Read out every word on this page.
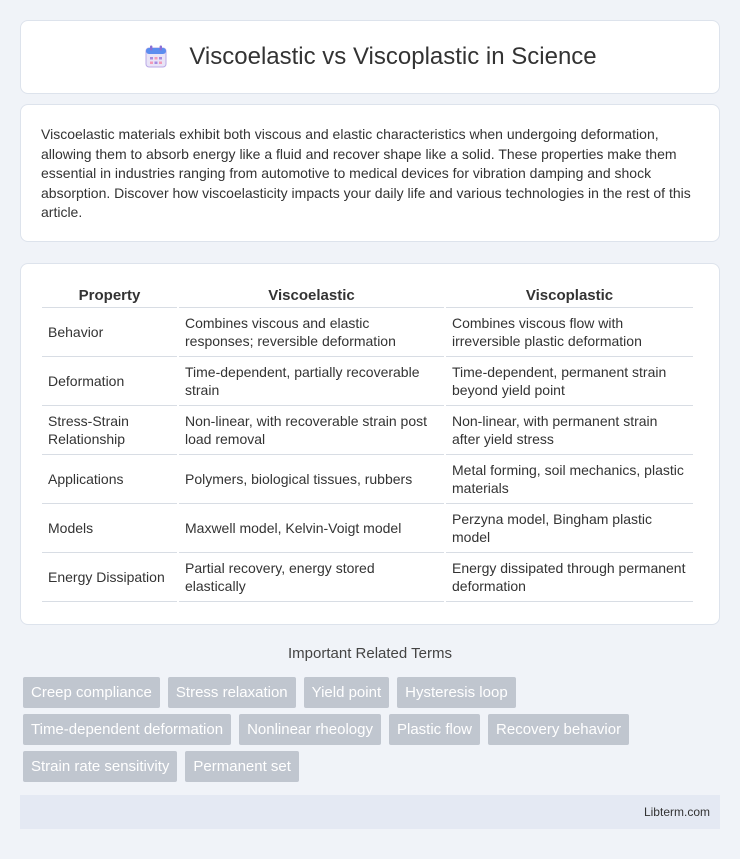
Viscoelastic vs Viscoplastic in Science

Viscoelastic materials exhibit both viscous and elastic characteristics when undergoing deformation, allowing them to absorb energy like a fluid and recover shape like a solid. These properties make them essential in industries ranging from automotive to medical devices for vibration damping and shock absorption. Discover how viscoelasticity impacts your daily life and various technologies in the rest of this article.

Property	Viscoelastic	Viscoplastic
Behavior	Combines viscous and elastic responses; reversible deformation	Combines viscous flow with irreversible plastic deformation
Deformation	Time-dependent, partially recoverable strain	Time-dependent, permanent strain beyond yield point
Stress-Strain Relationship	Non-linear, with recoverable strain post load removal	Non-linear, with permanent strain after yield stress
Applications	Polymers, biological tissues, rubbers	Metal forming, soil mechanics, plastic materials
Models	Maxwell model, Kelvin-Voigt model	Perzyna model, Bingham plastic model
Energy Dissipation	Partial recovery, energy stored elastically	Energy dissipated through permanent deformation
Important Related Terms
Creep compliance	Stress relaxation	Yield point	Hysteresis loop
Time-dependent deformation	Nonlinear rheology	Plastic flow	Recovery behavior
Strain rate sensitivity	Permanent set
Libterm.com
